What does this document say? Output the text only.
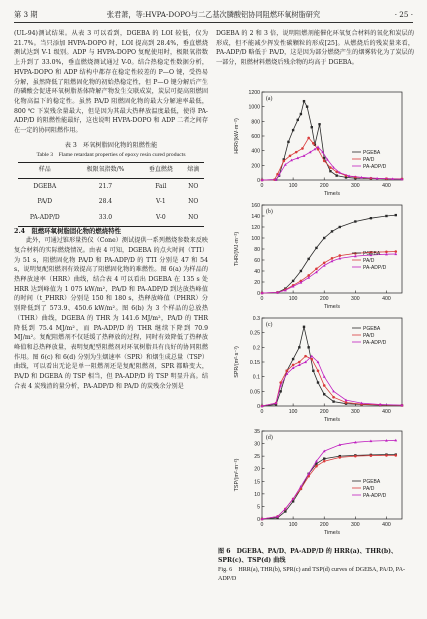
第 3 期	张君萧，等:HVPA-DOPO与二乙基次膦酸铝协同阻燃环氧树脂研究	· 25 ·

(UL-94)测试结果。从表 3 可以看到，DGEBA 的 LOI 较低，仅为 21.7%。当只添加 HVPA-DOPO 时，LOI 提高到 28.4%，垂直燃烧测试达到 V-1 级别。ADP 与 HVPA-DOPO 复配使用时，极限氧指数上升到了 33.0%，垂直燃烧测试通过 V-0。结合热稳定性数据分析，HVPA-DOPO 和 ADP 结构中都存在稳定性较差的 P—O 键，受热易分解，虽然降低了阻燃固化物的初始热稳定性，但 P—O 键分解后产生的磷酸会促进环氧树脂基体降解产物发生交联成炭，炭层可提高阻燃固化物高温下的稳定性。虽然 PA/D 阻燃固化物的最大分解速率最低，800 ℃ 下炭残余量最大，但是因为其最大热释放温度最低，使得 PA-ADP/D 的阻燃性能最好，这也说明 HVPA-DOPO 和 ADP 二者之间存在一定的协同阻燃作用。

表 3　环氧树脂固化物的阻燃性能
Table 3　Flame retardant properties of epoxy resin cured products
样品	极限氧指数/%	垂直燃烧	熔滴
DGEBA	21.7	Fail	NO
PA/D	28.4	V-1	NO
PA-ADP/D	33.0	V-0	NO

2.4　阻燃环氧树脂固化物的燃烧特性

此外，可通过锥形量热仪（Cone）测试提供一系列燃烧参数来反映复合材料的实际燃烧情况。由表 4 可知，DGEBA 的点火时间（TTI）为 51 s，阻燃固化物 PA/D 和 PA-ADP/D 的 TTI 分别是 47 和 54 s，说明复配阻燃剂有效提高了阻燃固化物的难燃性。图 6(a) 为样品的热释放速率（HRR）曲线，结合表 4 可以看出 DGEBA 在 135 s 处 HRR 达到峰值为 1 075 kW/m²，PA/D 和 PA-ADP/D 到达放热峰值的时间（t_PHRR）分别是 150 和 180 s，热释放峰值（PHRR）分别降低到了 573.9、450.6 kW/m²。图 6(b) 为 3 个样品的总放热（THR）曲线，DGEBA 的 THR 为 141.6 MJ/m²，PA/D 的 THR 降低到 75.4 MJ/m²，而 PA-ADP/D 的 THR 继续下降到 70.9 MJ/m²。复配阻燃剂不仅延缓了热释放的过程，同时有效降低了热释放峰值和总热释放量，表明复配型阻燃剂对环氧树脂具有良好的协同阻燃作用。图 6(c) 和 6(d) 分别为生烟速率（SPR）和烟生成总量（TSP）曲线，可以看出无论是单一阻燃剂还是复配阻燃剂，SPR 都略变大，PA/D 和 DGEBA 的 TSP 相当，但 PA-ADP/D 的 TSP 明显升高。结合表 4 炭残渣的量分析，PA-ADP/D 和 PA/D 的炭残余分别是

DGEBA 的 2 和 3 倍，说明阻燃剂能催化环氧复合材料的氧化和炭层的形成，但不能减少挥发性碳颗粒的形成[25]。从燃烧后的残炭量来看，PA-ADP/D 略低于 PA/D，这是因为部分燃烧产生的烟雾转化为了炭层的一部分，阻燃材料燃烧后残余物的均高于 DGEBA。

0
200
400
600
800
1000
1200
0	100	200	300	400
HRR/(kW·m⁻²)
Time/s
(a)
PGEBA
PA/D
PA-ADP/D
0
20
40
60
80
100
120
140
160
0	100	200	300	400
THR/(MJ·m⁻²)
Time/s
(b)
PGEBA
PA/D
PA-ADP/D
0
0.05
0.1
0.15
0.2
0.25
0.3
0	100	200	300	400
SPR/(m²·s⁻¹)
Time/s
(c)
PGEBA
PA/D
PA-ADP/D
0
5
10
15
20
25
30
35
0	100	200	300	400
TSP/(m²·m⁻²)
Time/s
(d)
PGEBA
PA/D
PA-ADP/D
图 6　 DGEBA、PA/D、PA-ADP/D 的 HRR(a)、THR(b)、SPR(c)、TSP(d) 曲线
Fig. 6　HRR(a), THR(b), SPR(c) and TSP(d) curves of DGEBA, PA/D, PA-ADP/D
